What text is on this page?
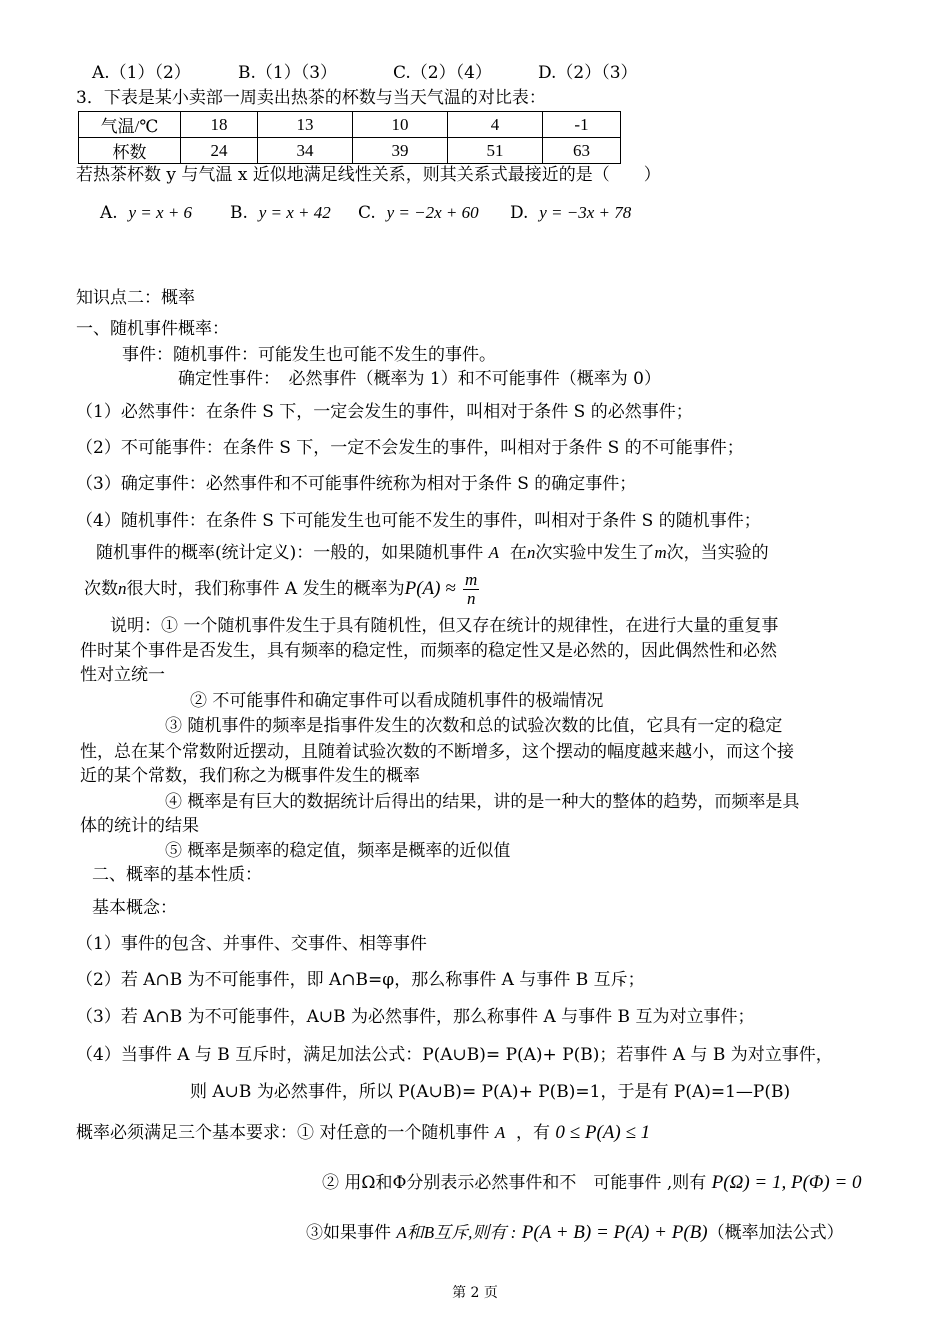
A.（1）（2）	B.（1）（3）	C.（2）（4）	D.（2）（3）
3．下表是某小卖部一周卖出热茶的杯数与当天气温的对比表：
气温/℃	18	13	10	4	-1
杯数	24	34	39	51	63
若热茶杯数 y 与气温 x 近似地满足线性关系，则其关系式最接近的是（　　）
A. y = x + 6 B. y = x + 42 C. y = −2x + 60 D. y = −3x + 78
知识点二：概率
一、随机事件概率：
事件：随机事件：可能发生也可能不发生的事件。
确定性事件：　必然事件（概率为 1）和不可能事件（概率为 0）
（1）必然事件：在条件 S 下，一定会发生的事件，叫相对于条件 S 的必然事件；
（2）不可能事件：在条件 S 下，一定不会发生的事件，叫相对于条件 S 的不可能事件；
（3）确定事件：必然事件和不可能事件统称为相对于条件 S 的确定事件；
（4）随机事件：在条件 S 下可能发生也可能不发生的事件，叫相对于条件 S 的随机事件；
随机事件的概率(统计定义)：一般的，如果随机事件 A 在n次实验中发生了m次，当实验的
次数n很大时，我们称事件 A 发生的概率为$P(A) \approx \frac{m}{n}$
说明：① 一个随机事件发生于具有随机性，但又存在统计的规律性，在进行大量的重复事
件时某个事件是否发生，具有频率的稳定性，而频率的稳定性又是必然的，因此偶然性和必然
性对立统一
② 不可能事件和确定事件可以看成随机事件的极端情况
③ 随机事件的频率是指事件发生的次数和总的试验次数的比值，它具有一定的稳定
性，总在某个常数附近摆动，且随着试验次数的不断增多，这个摆动的幅度越来越小，而这个接
近的某个常数，我们称之为概事件发生的概率
④ 概率是有巨大的数据统计后得出的结果，讲的是一种大的整体的趋势，而频率是具
体的统计的结果
⑤ 概率是频率的稳定值，频率是概率的近似值
二、概率的基本性质：
基本概念：
（1）事件的包含、并事件、交事件、相等事件
（2）若 A∩B 为不可能事件，即 A∩B=φ，那么称事件 A 与事件 B 互斥；
（3）若 A∩B 为不可能事件，A∪B 为必然事件，那么称事件 A 与事件 B 互为对立事件；
（4）当事件 A 与 B 互斥时，满足加法公式：P(A∪B)= P(A)+ P(B)；若事件 A 与 B 为对立事件，
则 A∪B 为必然事件，所以 P(A∪B)= P(A)+ P(B)=1，于是有 P(A)=1—P(B)
概率必须满足三个基本要求：① 对任意的一个随机事件 A ，有 0 ≤ P(A) ≤ 1
② 用Ω和Φ分别表示必然事件和不　可能事件 ,则有 P(Ω) = 1, P(Φ) = 0
③如果事件 A和B互斥,则有 : P(A + B) = P(A) + P(B)（概率加法公式）
第 2 页
